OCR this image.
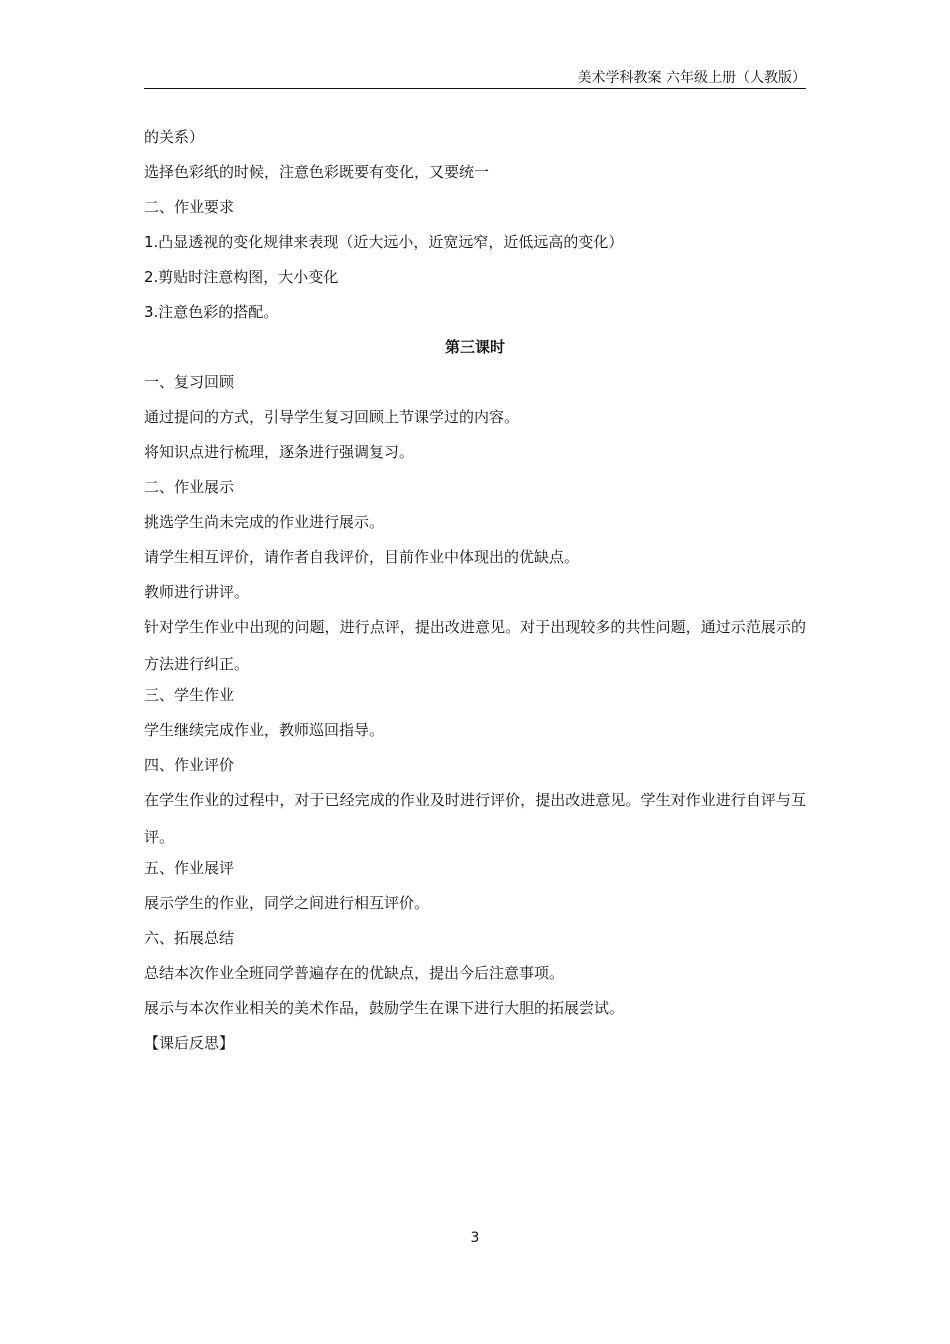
美术学科教案 六年级上册（人教版）
的关系）
选择色彩纸的时候，注意色彩既要有变化，又要统一
二、作业要求
1.凸显透视的变化规律来表现（近大远小，近宽远窄，近低远高的变化）
2.剪贴时注意构图，大小变化
3.注意色彩的搭配。
第三课时
一、复习回顾
通过提问的方式，引导学生复习回顾上节课学过的内容。
将知识点进行梳理，逐条进行强调复习。
二、作业展示
挑选学生尚未完成的作业进行展示。
请学生相互评价，请作者自我评价，目前作业中体现出的优缺点。
教师进行讲评。
针对学生作业中出现的问题，进行点评，提出改进意见。对于出现较多的共性问题，通过示范展示的方法进行纠正。
三、学生作业
学生继续完成作业，教师巡回指导。
四、作业评价
在学生作业的过程中，对于已经完成的作业及时进行评价，提出改进意见。学生对作业进行自评与互评。
五、作业展评
展示学生的作业，同学之间进行相互评价。
六、拓展总结
总结本次作业全班同学普遍存在的优缺点，提出今后注意事项。
展示与本次作业相关的美术作品，鼓励学生在课下进行大胆的拓展尝试。
【课后反思】
3
